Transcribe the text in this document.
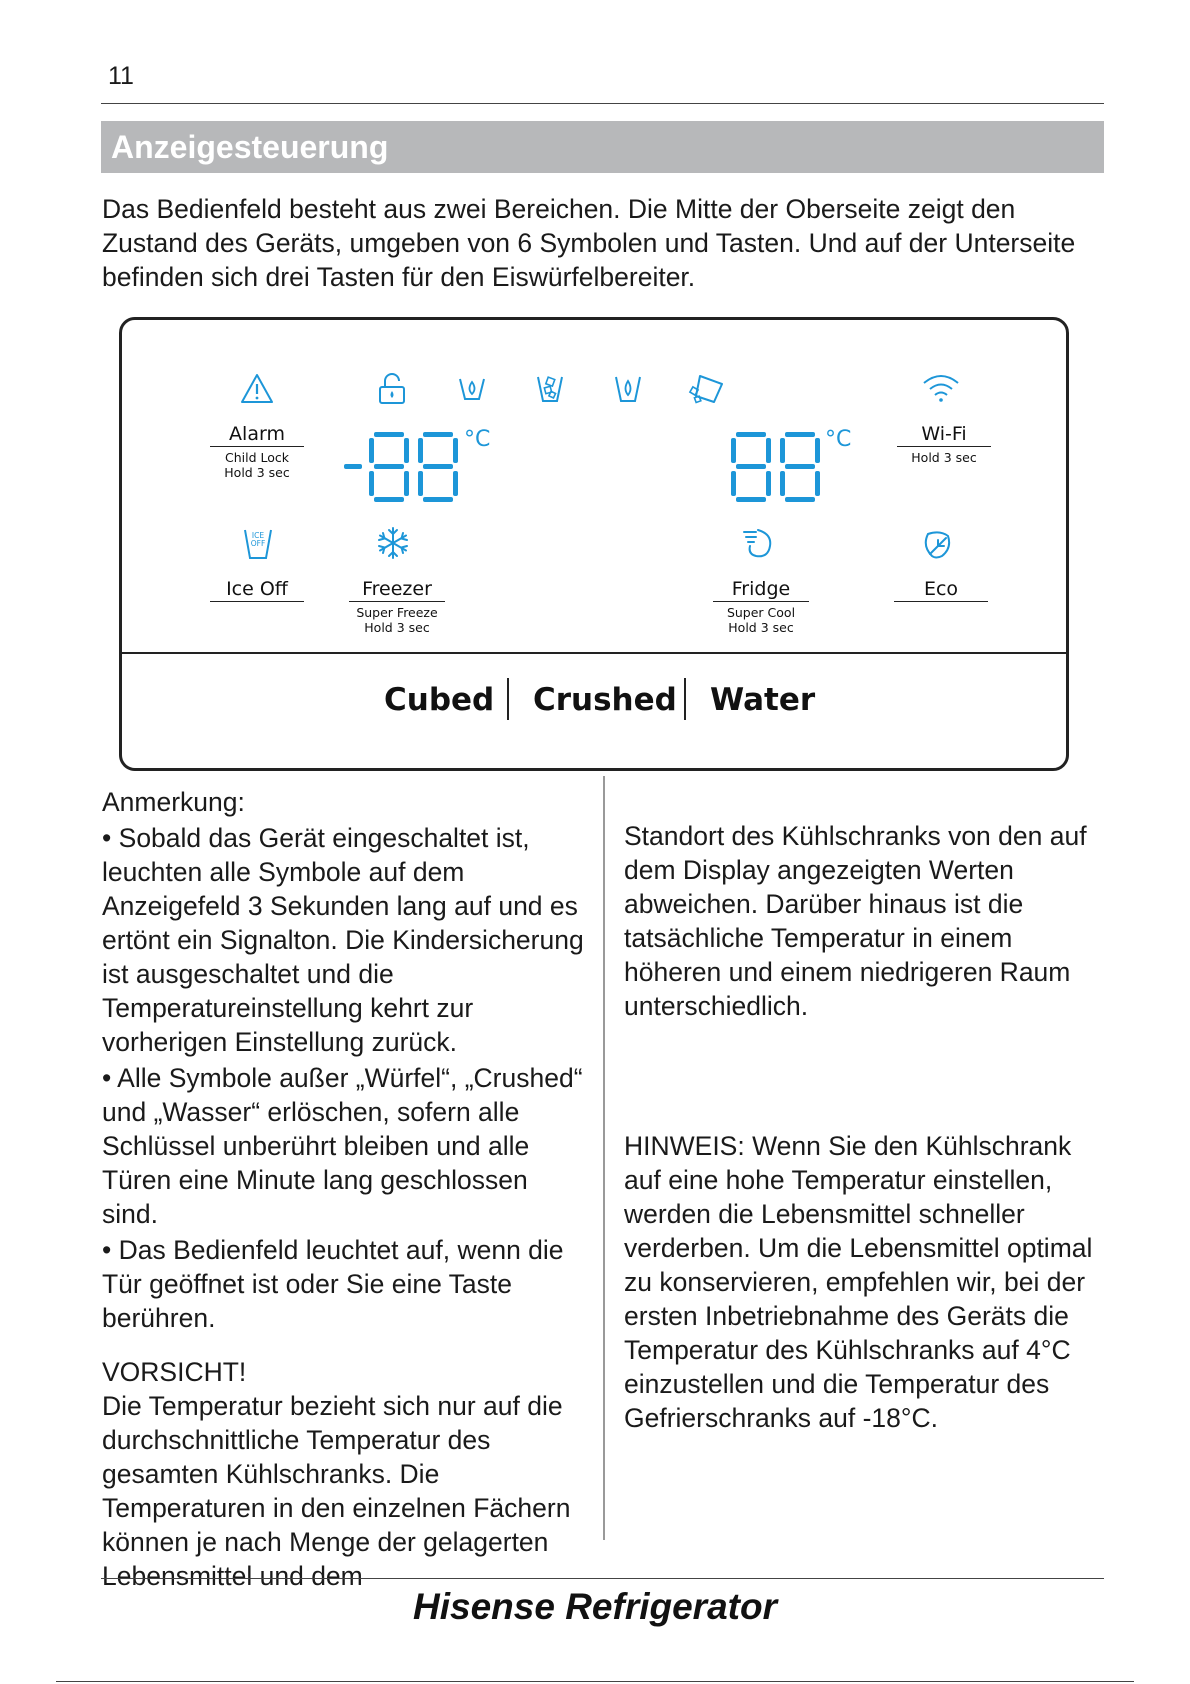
11
Anzeigesteuerung

Das Bedienfeld besteht aus zwei Bereichen. Die Mitte der Oberseite zeigt den Zustand des Geräts, umgeben von 6 Symbolen und Tasten. Und auf der Unterseite befinden sich drei Tasten für den Eiswürfelbereiter.

Alarm
Child Lock
Hold 3 sec
Wi-Fi
Hold 3 sec
°C	°C
ICE
OFF
Ice Off	Freezer
Super Freeze
Hold 3 sec
Fridge
Super Cool
Hold 3 sec
Eco
Cubed Crushed Water

Anmerkung:

• Sobald das Gerät eingeschaltet ist, leuchten alle Symbole auf dem Anzeigefeld 3 Sekunden lang auf und es ertönt ein Signalton. Die Kindersicherung ist ausgeschaltet und die Temperatureinstellung kehrt zur vorherigen Einstellung zurück.

• Alle Symbole außer „Würfel“, „Crushed“ und „Wasser“ erlöschen, sofern alle Schlüssel unberührt bleiben und alle Türen eine Minute lang geschlossen sind.

• Das Bedienfeld leuchtet auf, wenn die Tür geöffnet ist oder Sie eine Taste berühren.

VORSICHT!

Die Temperatur bezieht sich nur auf die durchschnittliche Temperatur des gesamten Kühlschranks. Die Temperaturen in den einzelnen Fächern können je nach Menge der gelagerten Lebensmittel und dem

Standort des Kühlschranks von den auf dem Display angezeigten Werten abweichen. Darüber hinaus ist die tatsächliche Temperatur in einem höheren und einem niedrigeren Raum unterschiedlich.

HINWEIS: Wenn Sie den Kühlschrank auf eine hohe Temperatur einstellen, werden die Lebensmittel schneller verderben. Um die Lebensmittel optimal zu konservieren, empfehlen wir, bei der ersten Inbetriebnahme des Geräts die Temperatur des Kühlschranks auf 4°C einzustellen und die Temperatur des Gefrierschranks auf -18°C.

Hisense Refrigerator
